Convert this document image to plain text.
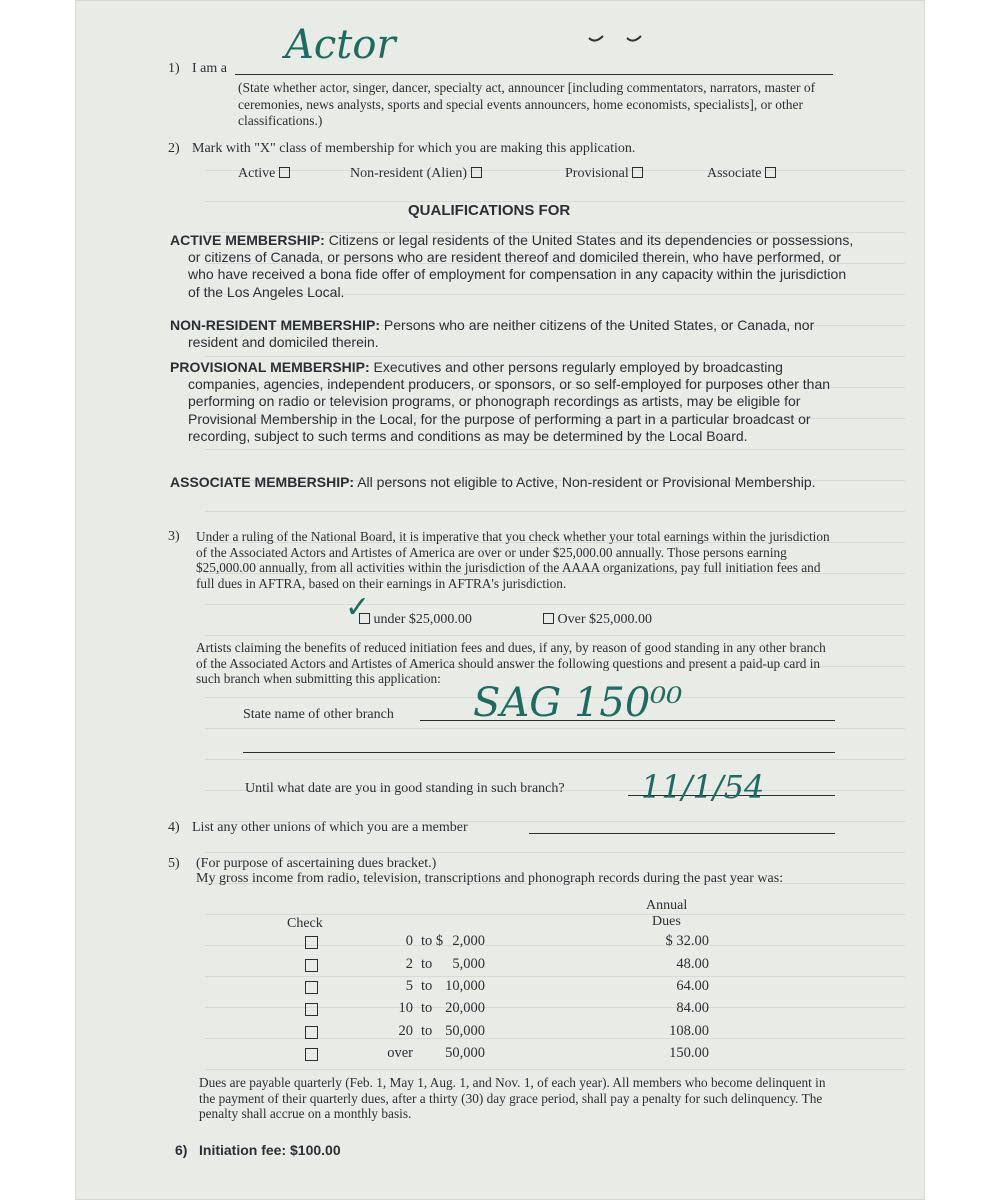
1) I am a
Actor
(State whether actor, singer, dancer, specialty act, announcer [including commentators, narrators, master of ceremonies, news analysts, sports and special events announcers, home economists, specialists], or other classifications.)
2) Mark with "X" class of membership for which you are making this application.
Active	Non-resident (Alien)	Provisional	Associate
QUALIFICATIONS FOR
ACTIVE MEMBERSHIP: Citizens or legal residents of the United States and its dependencies or possessions, or citizens of Canada, or persons who are resident thereof and domiciled therein, who have performed, or who have received a bona fide offer of employment for compensation in any capacity within the jurisdiction of the Los Angeles Local.
NON-RESIDENT MEMBERSHIP: Persons who are neither citizens of the United States, or Canada, nor resident and domiciled therein.
PROVISIONAL MEMBERSHIP: Executives and other persons regularly employed by broadcasting companies, agencies, independent producers, or sponsors, or so self-employed for purposes other than performing on radio or television programs, or phonograph recordings as artists, may be eligible for Provisional Membership in the Local, for the purpose of performing a part in a particular broadcast or recording, subject to such terms and conditions as may be determined by the Local Board.
ASSOCIATE MEMBERSHIP: All persons not eligible to Active, Non-resident or Provisional Membership.
3) Under a ruling of the National Board, it is imperative that you check whether your total earnings within the jurisdiction of the Associated Actors and Artistes of America are over or under $25,000.00 annually. Those persons earning $25,000.00 annually, from all activities within the jurisdiction of the AAAA organizations, pay full initiation fees and full dues in AFTRA, based on their earnings in AFTRA's jurisdiction.
✓ under $25,000.00	Over $25,000.00
Artists claiming the benefits of reduced initiation fees and dues, if any, by reason of good standing in any other branch of the Associated Actors and Artistes of America should answer the following questions and present a paid-up card in such branch when submitting this application:
State name of other branch SAG 150⁰⁰
Until what date are you in good standing in such branch? 11/1/54
4) List any other unions of which you are a member
5) (For purpose of ascertaining dues bracket.)
My gross income from radio, television, transcriptions and phonograph records during the past year was:
Check
Annual
Dues
0 to $ 2,000	$ 32.00
2 to	5,000	48.00
5 to 10,000	64.00
10 to 20,000	84.00
20 to 50,000	108.00
over	50,000	150.00
Dues are payable quarterly (Feb. 1, May 1, Aug. 1, and Nov. 1, of each year). All members who become delinquent in the payment of their quarterly dues, after a thirty (30) day grace period, shall pay a penalty for such delinquency. The penalty shall accrue on a monthly basis.
6) Initiation fee: $100.00
